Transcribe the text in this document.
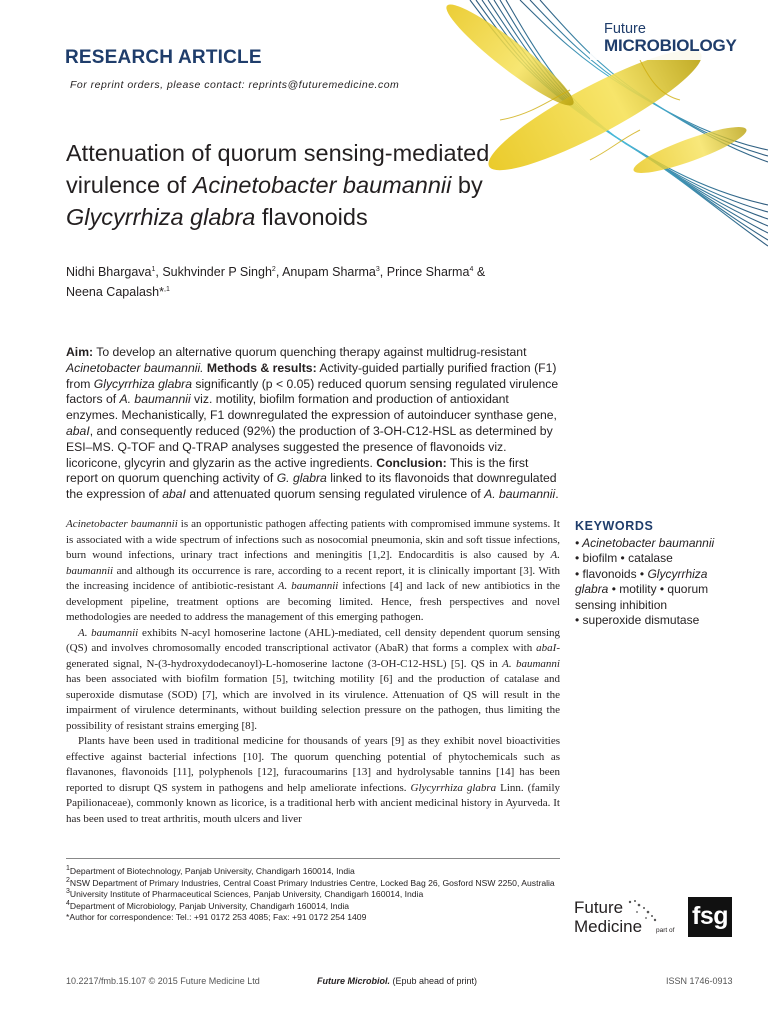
RESEARCH ARTICLE
For reprint orders, please contact: reprints@futuremedicine.com
Future
MICROBIOLOGY
Attenuation of quorum sensing-mediated virulence of Acinetobacter baumannii by Glycyrrhiza glabra flavonoids
Nidhi Bhargava$^1$, Sukhvinder P Singh$^2$, Anupam Sharma$^3$, Prince Sharma$^4$ &
Neena Capalash*$^{,1}$
Aim: To develop an alternative quorum quenching therapy against multidrug-resistant Acinetobacter baumannii. Methods & results: Activity-guided partially purified fraction (F1) from Glycyrrhiza glabra significantly (p < 0.05) reduced quorum sensing regulated virulence factors of A. baumannii viz. motility, biofilm formation and production of antioxidant enzymes. Mechanistically, F1 downregulated the expression of autoinducer synthase gene, abaI, and consequently reduced (92%) the production of 3-OH-C12-HSL as determined by ESI–MS. Q-TOF and Q-TRAP analyses suggested the presence of flavonoids viz. licoricone, glycyrin and glyzarin as the active ingredients. Conclusion: This is the first report on quorum quenching activity of G. glabra linked to its flavonoids that downregulated the expression of abaI and attenuated quorum sensing regulated virulence of A. baumannii.

Acinetobacter baumannii is an opportunistic pathogen affecting patients with compromised immune systems. It is associated with a wide spectrum of infections such as nosocomial pneumonia, skin and soft tissue infections, burn wound infections, urinary tract infections and meningitis [1,2]. Endocarditis is also caused by A. baumannii and although its occurrence is rare, according to a recent report, it is clinically important [3]. With the increasing incidence of antibiotic-resistant A. baumannii infections [4] and lack of new antibiotics in the development pipeline, treatment options are becoming limited. Hence, fresh perspectives and novel methodologies are needed to address the management of this emerging pathogen.

A. baumannii exhibits N-acyl homoserine lactone (AHL)-mediated, cell density dependent quorum sensing (QS) and involves chromosomally encoded transcriptional activator (AbaR) that forms a complex with abaI-generated signal, N-(3-hydroxydodecanoyl)-L-homoserine lactone (3-OH-C12-HSL) [5]. QS in A. baumanni has been associated with biofilm formation [5], twitching motility [6] and the production of catalase and superoxide dismutase (SOD) [7], which are involved in its virulence. Attenuation of QS will result in the impairment of virulence determinants, without building selection pressure on the pathogen, thus limiting the possibility of resistant strains emerging [8].

Plants have been used in traditional medicine for thousands of years [9] as they exhibit novel bioactivities effective against bacterial infections [10]. The quorum quenching potential of phytochemicals such as flavanones, flavonoids [11], polyphenols [12], furacoumarins [13] and hydrolysable tannins [14] has been reported to disrupt QS system in pathogens and help ameliorate infections. Glycyrrhiza glabra Linn. (family Papilionaceae), commonly known as licorice, is a traditional herb with ancient medicinal history in Ayurveda. It has been used to treat arthritis, mouth ulcers and liver

KEYWORDS
• Acinetobacter baumannii
• biofilm • catalase
• flavonoids • Glycyrrhiza
glabra • motility • quorum
sensing inhibition
• superoxide dismutase
$^1$Department of Biotechnology, Panjab University, Chandigarh 160014, India
$^2$NSW Department of Primary Industries, Central Coast Primary Industries Centre, Locked Bag 26, Gosford NSW 2250, Australia
$^3$University Institute of Pharmaceutical Sciences, Panjab University, Chandigarh 160014, India
$^4$Department of Microbiology, Panjab University, Chandigarh 160014, India
*Author for correspondence: Tel.: +91 0172 253 4085; Fax: +91 0172 254 1409
Future
Medicine part of
fsg
10.2217/fmb.15.107 © 2015 Future Medicine Ltd	Future Microbiol. (Epub ahead of print)	ISSN 1746-0913
